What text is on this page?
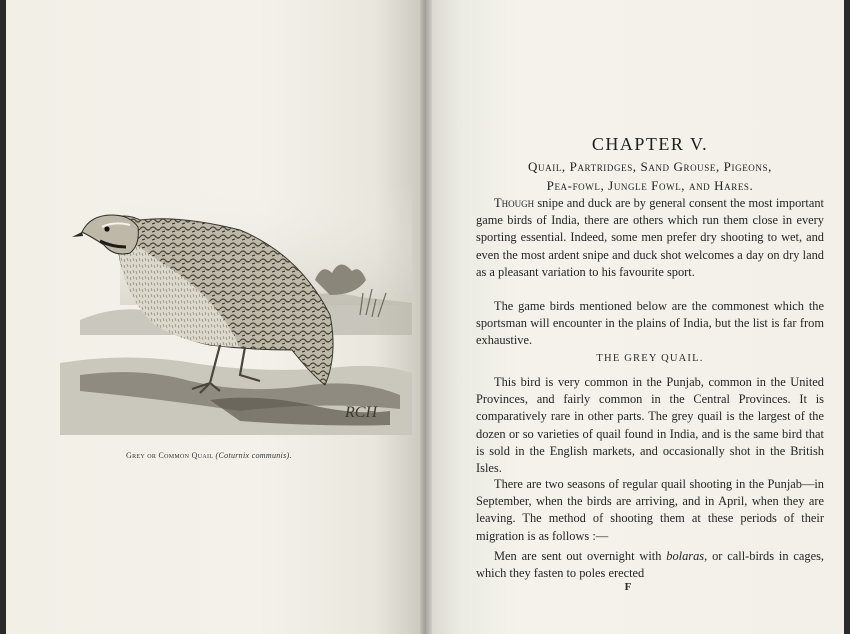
RCH
Grey or Common Quail (Coturnix communis).
CHAPTER V.
Quail, Partridges, Sand Grouse, Pigeons,
Pea-fowl, Jungle Fowl, and Hares.

Though snipe and duck are by general consent the most important game birds of India, there are others which run them close in every sporting essential. Indeed, some men prefer dry shooting to wet, and even the most ardent snipe and duck shot welcomes a day on dry land as a pleasant variation to his favourite sport.

The game birds mentioned below are the commonest which the sportsman will encounter in the plains of India, but the list is far from exhaustive.

THE GREY QUAIL.

This bird is very common in the Punjab, common in the United Provinces, and fairly common in the Central Provinces. It is comparatively rare in other parts. The grey quail is the largest of the dozen or so varieties of quail found in India, and is the same bird that is sold in the English markets, and occasionally shot in the British Isles.

There are two seasons of regular quail shooting in the Punjab—in September, when the birds are arriving, and in April, when they are leaving. The method of shooting them at these periods of their migration is as follows :—

Men are sent out overnight with bolaras, or call-birds in cages, which they fasten to poles erected

F
